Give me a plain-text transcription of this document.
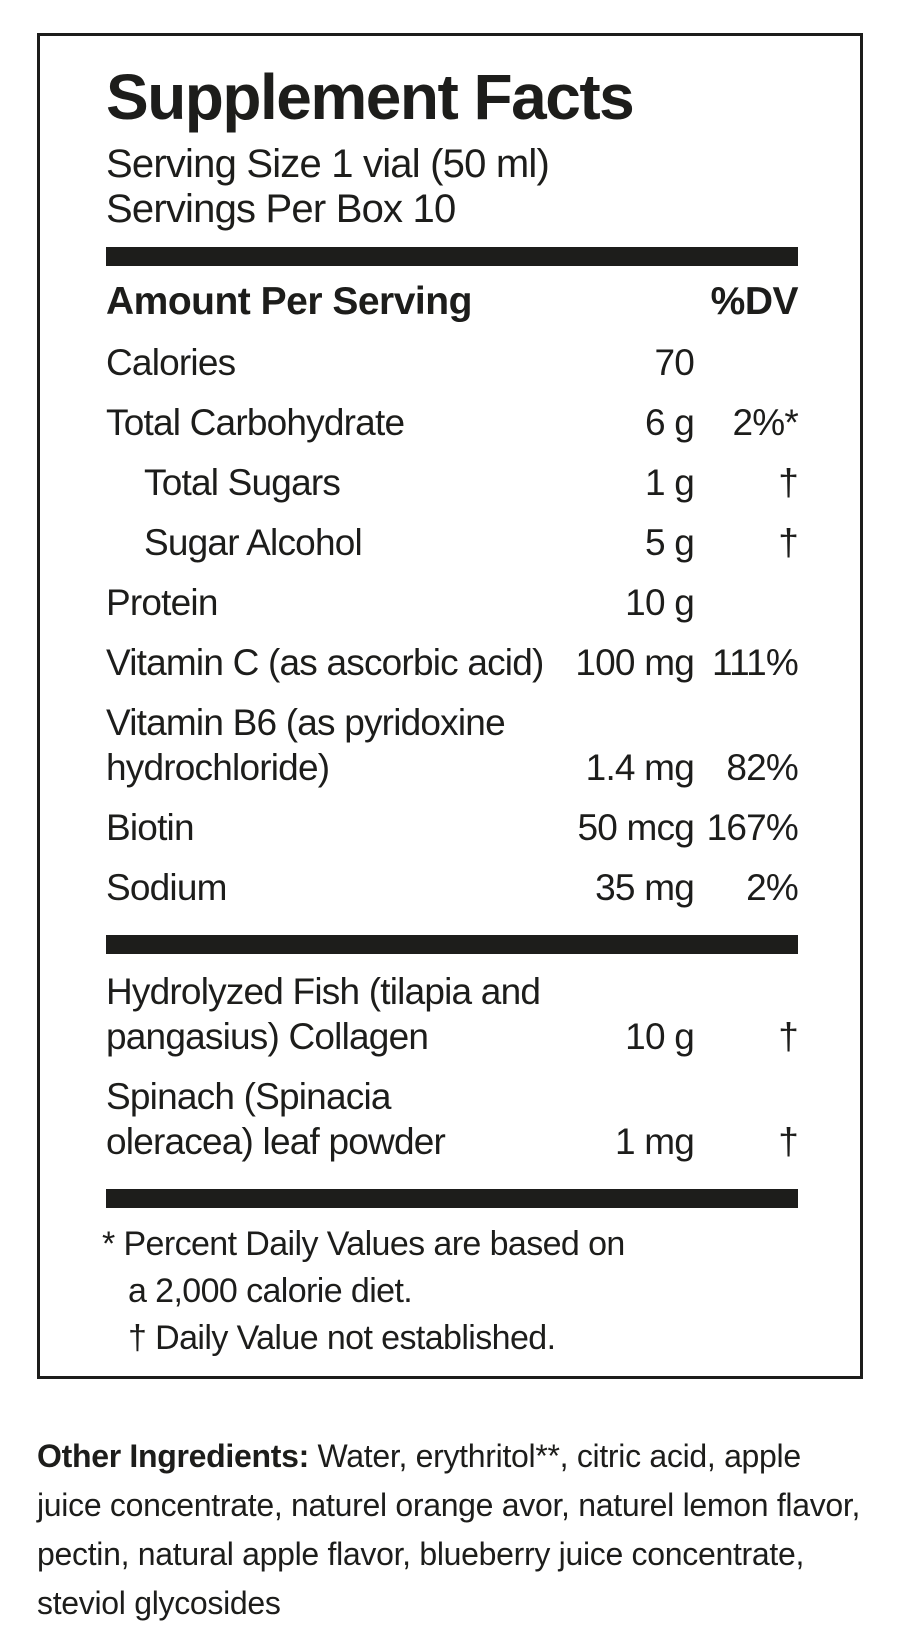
Supplement Facts
Serving Size 1 vial (50 ml)
Servings Per Box 10
Amount Per Serving	%DV
Calories	70
Total Carbohydrate	6 g	2%*
Total Sugars	1 g	†
Sugar Alcohol	5 g	†
Protein	10 g
Vitamin C (as ascorbic acid) 100 mg 111%
Vitamin B6 (as pyridoxine
hydrochloride)	1.4 mg 82%
Biotin	50 mcg 167%
Sodium	35 mg	2%
Hydrolyzed Fish (tilapia and
pangasius) Collagen	10 g	†
Spinach (Spinacia
oleracea) leaf powder	1 mg	†
* Percent Daily Values are based on
a 2,000 calorie diet.
† Daily Value not established.

Other Ingredients: Water, erythritol**, citric acid, apple juice concentrate, naturel orange avor, naturel lemon flavor, pectin, natural apple flavor, blueberry juice concentrate, steviol glycosides
